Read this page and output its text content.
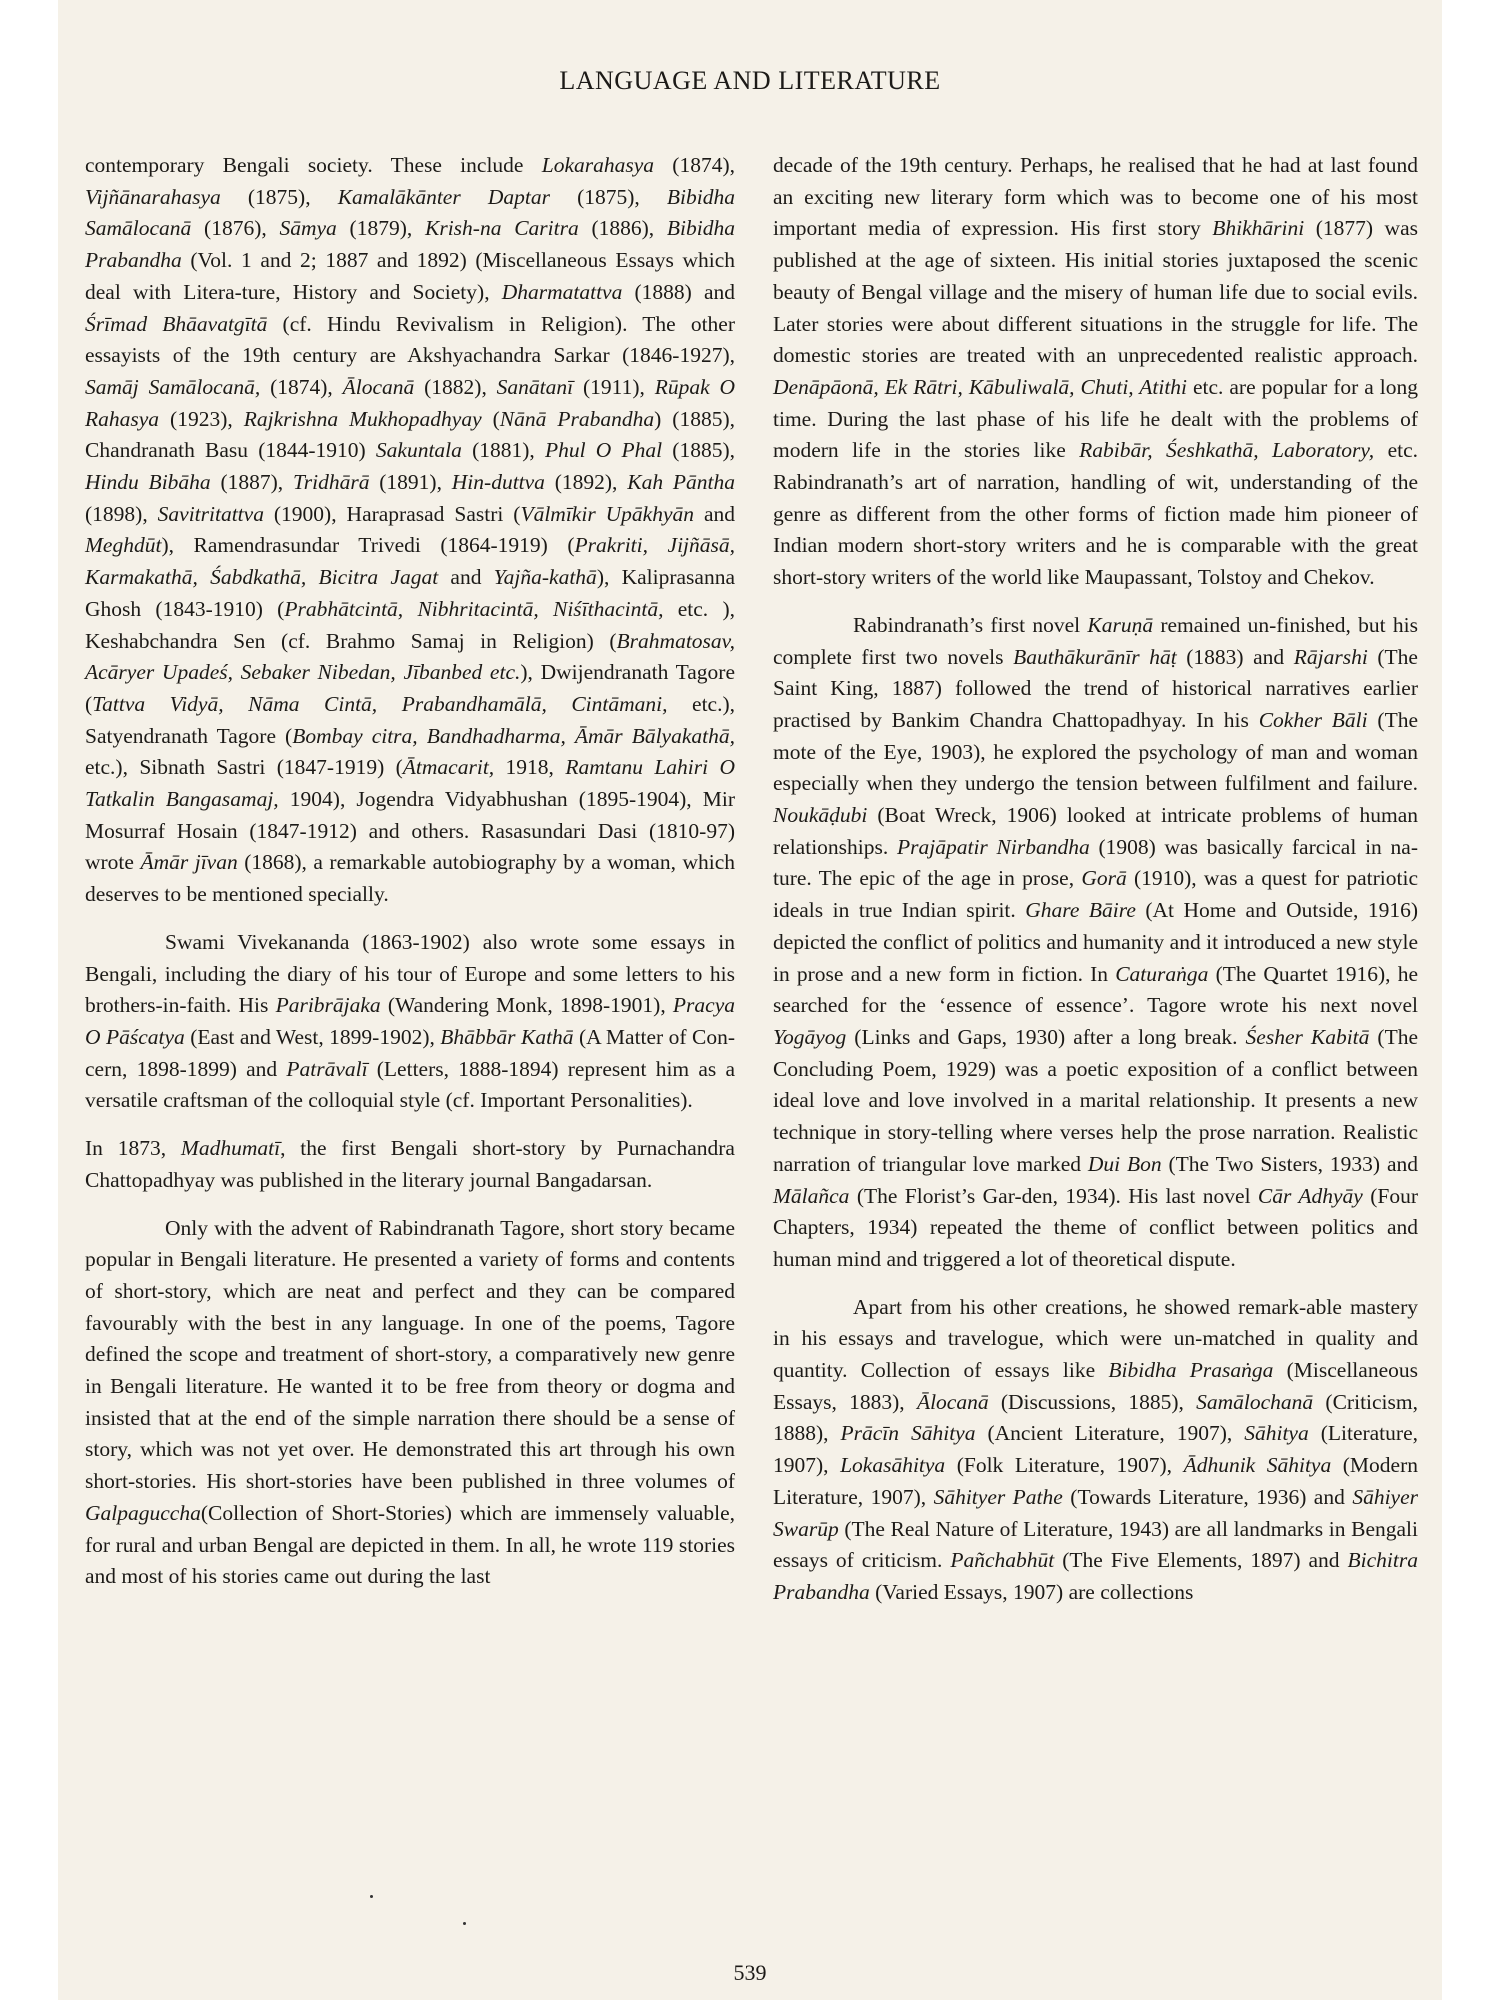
LANGUAGE AND LITERATURE

contemporary Bengali society. These include Lokarahasya (1874), Vijñānarahasya (1875), Kamalākānter Daptar (1875), Bibidha Samālocanā (1876), Sāmya (1879), Krish-na Caritra (1886), Bibidha Prabandha (Vol. 1 and 2; 1887 and 1892) (Miscellaneous Essays which deal with Litera-ture, History and Society), Dharmatattva (1888) and Śrīmad Bhāavatgītā (cf. Hindu Revivalism in Religion). The other essayists of the 19th century are Akshyachandra Sarkar (1846-1927), Samāj Samālocanā, (1874), Ālocanā (1882), Sanātanī (1911), Rūpak O Rahasya (1923), Rajkrishna Mukhopadhyay (Nānā Prabandha) (1885), Chandranath Basu (1844-1910) Sakuntala (1881), Phul O Phal (1885), Hindu Bibāha (1887), Tridhārā (1891), Hin-duttva (1892), Kah Pāntha (1898), Savitritattva (1900), Haraprasad Sastri (Vālmīkir Upākhyān and Meghdūt), Ramendrasundar Trivedi (1864-1919) (Prakriti, Jijñāsā, Karmakathā, Śabdkathā, Bicitra Jagat and Yajña-kathā), Kaliprasanna Ghosh (1843-1910) (Prabhātcintā, Nibhritacintā, Niśīthacintā, etc. ), Keshabchandra Sen (cf. Brahmo Samaj in Religion) (Brahmatosav, Acāryer Upadeś, Sebaker Nibedan, Jībanbed etc.), Dwijendranath Tagore (Tattva Vidyā, Nāma Cintā, Prabandhamālā, Cintāmani, etc.), Satyendranath Tagore (Bombay citra, Bandhadharma, Āmār Bālyakathā, etc.), Sibnath Sastri (1847-1919) (Ātmacarit, 1918, Ramtanu Lahiri O Tatkalin Bangasamaj, 1904), Jogendra Vidyabhushan (1895-1904), Mir Mosurraf Hosain (1847-1912) and others. Rasasundari Dasi (1810-97) wrote Āmār jīvan (1868), a remarkable autobiography by a woman, which deserves to be mentioned specially.

Swami Vivekananda (1863-1902) also wrote some essays in Bengali, including the diary of his tour of Europe and some letters to his brothers-in-faith. His Paribrājaka (Wandering Monk, 1898-1901), Pracya O Pāścatya (East and West, 1899-1902), Bhābbār Kathā (A Matter of Con-cern, 1898-1899) and Patrāvalī (Letters, 1888-1894) represent him as a versatile craftsman of the colloquial style (cf. Important Personalities).

In 1873, Madhumatī, the first Bengali short-story by Purnachandra Chattopadhyay was published in the literary journal Bangadarsan.

Only with the advent of Rabindranath Tagore, short story became popular in Bengali literature. He presented a variety of forms and contents of short-story, which are neat and perfect and they can be compared favourably with the best in any language. In one of the poems, Tagore defined the scope and treatment of short-story, a comparatively new genre in Bengali literature. He wanted it to be free from theory or dogma and insisted that at the end of the simple narration there should be a sense of story, which was not yet over. He demonstrated this art through his own short-stories. His short-stories have been published in three volumes of Galpaguccha(Collection of Short-Stories) which are immensely valuable, for rural and urban Bengal are depicted in them. In all, he wrote 119 stories and most of his stories came out during the last

decade of the 19th century. Perhaps, he realised that he had at last found an exciting new literary form which was to become one of his most important media of expression. His first story Bhikhārini (1877) was published at the age of sixteen. His initial stories juxtaposed the scenic beauty of Bengal village and the misery of human life due to social evils. Later stories were about different situations in the struggle for life. The domestic stories are treated with an unprecedented realistic approach. Denāpāonā, Ek Rātri, Kābuliwalā, Chuti, Atithi etc. are popular for a long time. During the last phase of his life he dealt with the problems of modern life in the stories like Rabibār, Śeshkathā, Laboratory, etc. Rabindranath’s art of narration, handling of wit, understanding of the genre as different from the other forms of fiction made him pioneer of Indian modern short-story writers and he is comparable with the great short-story writers of the world like Maupassant, Tolstoy and Chekov.

Rabindranath’s first novel Karuṇā remained un-finished, but his complete first two novels Bauthākurānīr hāṭ (1883) and Rājarshi (The Saint King, 1887) followed the trend of historical narratives earlier practised by Bankim Chandra Chattopadhyay. In his Cokher Bāli (The mote of the Eye, 1903), he explored the psychology of man and woman especially when they undergo the tension between fulfilment and failure. Noukāḍubi (Boat Wreck, 1906) looked at intricate problems of human relationships. Prajāpatir Nirbandha (1908) was basically farcical in na-ture. The epic of the age in prose, Gorā (1910), was a quest for patriotic ideals in true Indian spirit. Ghare Bāire (At Home and Outside, 1916) depicted the conflict of politics and humanity and it introduced a new style in prose and a new form in fiction. In Caturaṅga (The Quartet 1916), he searched for the ‘essence of essence’. Tagore wrote his next novel Yogāyog (Links and Gaps, 1930) after a long break. Śesher Kabitā (The Concluding Poem, 1929) was a poetic exposition of a conflict between ideal love and love involved in a marital relationship. It presents a new technique in story-telling where verses help the prose narration. Realistic narration of triangular love marked Dui Bon (The Two Sisters, 1933) and Mālañca (The Florist’s Gar-den, 1934). His last novel Cār Adhyāy (Four Chapters, 1934) repeated the theme of conflict between politics and human mind and triggered a lot of theoretical dispute.

Apart from his other creations, he showed remark-able mastery in his essays and travelogue, which were un-matched in quality and quantity. Collection of essays like Bibidha Prasaṅga (Miscellaneous Essays, 1883), Ālocanā (Discussions, 1885), Samālochanā (Criticism, 1888), Prācīn Sāhitya (Ancient Literature, 1907), Sāhitya (Literature, 1907), Lokasāhitya (Folk Literature, 1907), Ādhunik Sāhitya (Modern Literature, 1907), Sāhityer Pathe (Towards Literature, 1936) and Sāhiyer Swarūp (The Real Nature of Literature, 1943) are all landmarks in Bengali essays of criticism. Pañchabhūt (The Five Elements, 1897) and Bichitra Prabandha (Varied Essays, 1907) are collections

539
